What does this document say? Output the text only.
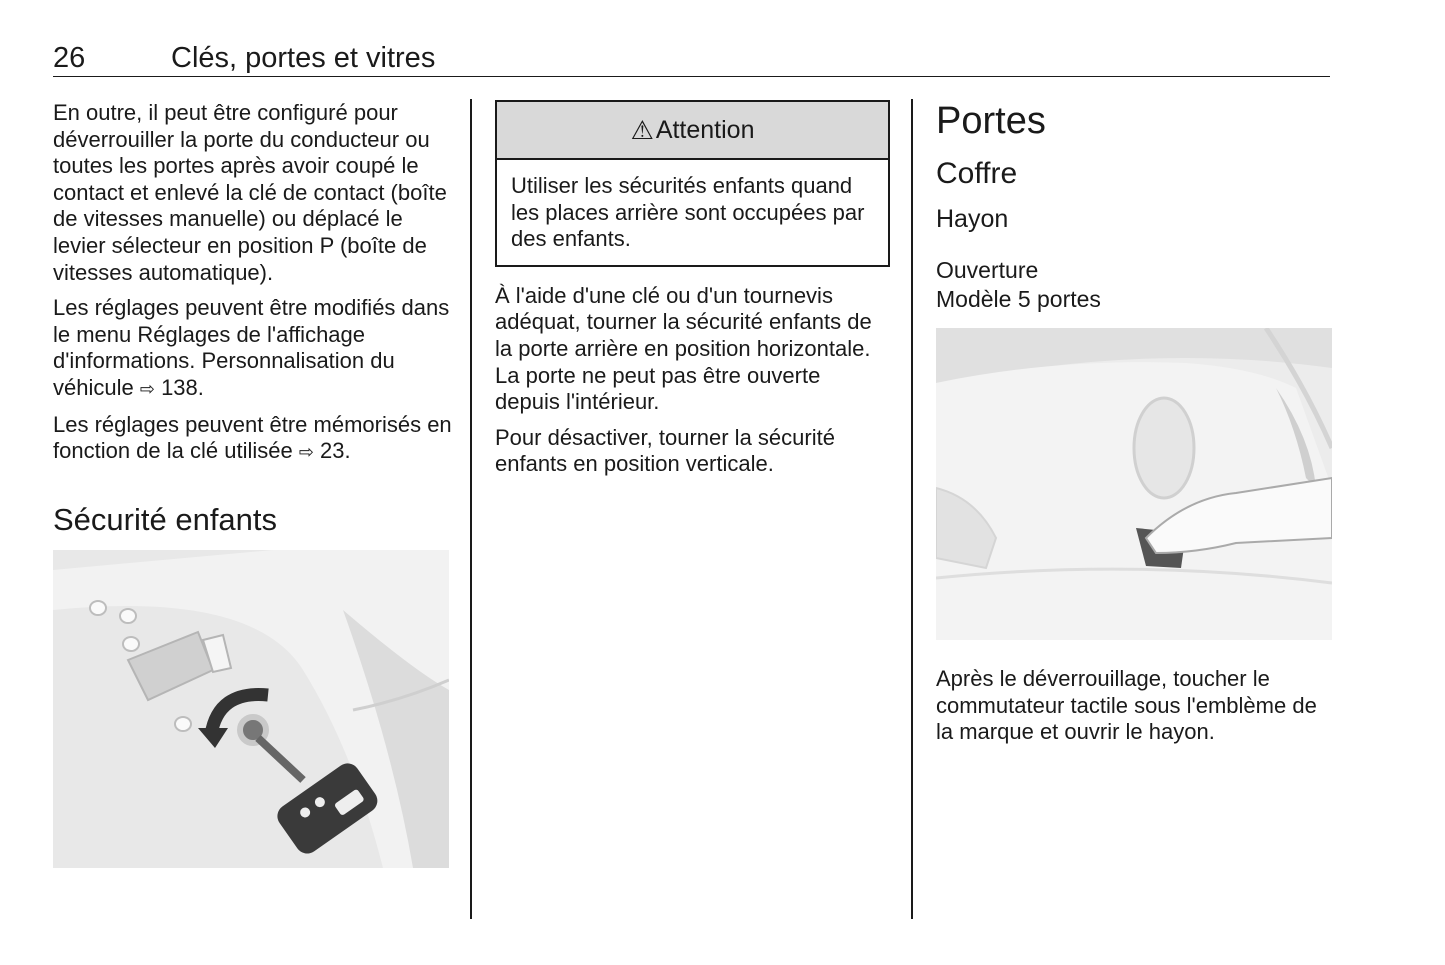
26	Clés, portes et vitres

En outre, il peut être configuré pour déverrouiller la porte du conducteur ou toutes les portes après avoir coupé le contact et enlevé la clé de contact (boîte de vitesses manuelle) ou déplacé le levier sélecteur en position P (boîte de vitesses automatique).

Les réglages peuvent être modifiés dans le menu Réglages de l'affichage d'informations. Personnalisation du véhicule ⇨ 138.

Les réglages peuvent être mémorisés en fonction de la clé utilisée ⇨ 23.

Sécurité enfants
⚠ Attention
Utiliser les sécurités enfants quand les places arrière sont occupées par des enfants.

À l'aide d'une clé ou d'un tournevis adéquat, tourner la sécurité enfants de la porte arrière en position horizontale. La porte ne peut pas être ouverte depuis l'intérieur.

Pour désactiver, tourner la sécurité enfants en position verticale.

Portes
Coffre
Hayon
Ouverture
Modèle 5 portes

Après le déverrouillage, toucher le commutateur tactile sous l'emblème de la marque et ouvrir le hayon.
